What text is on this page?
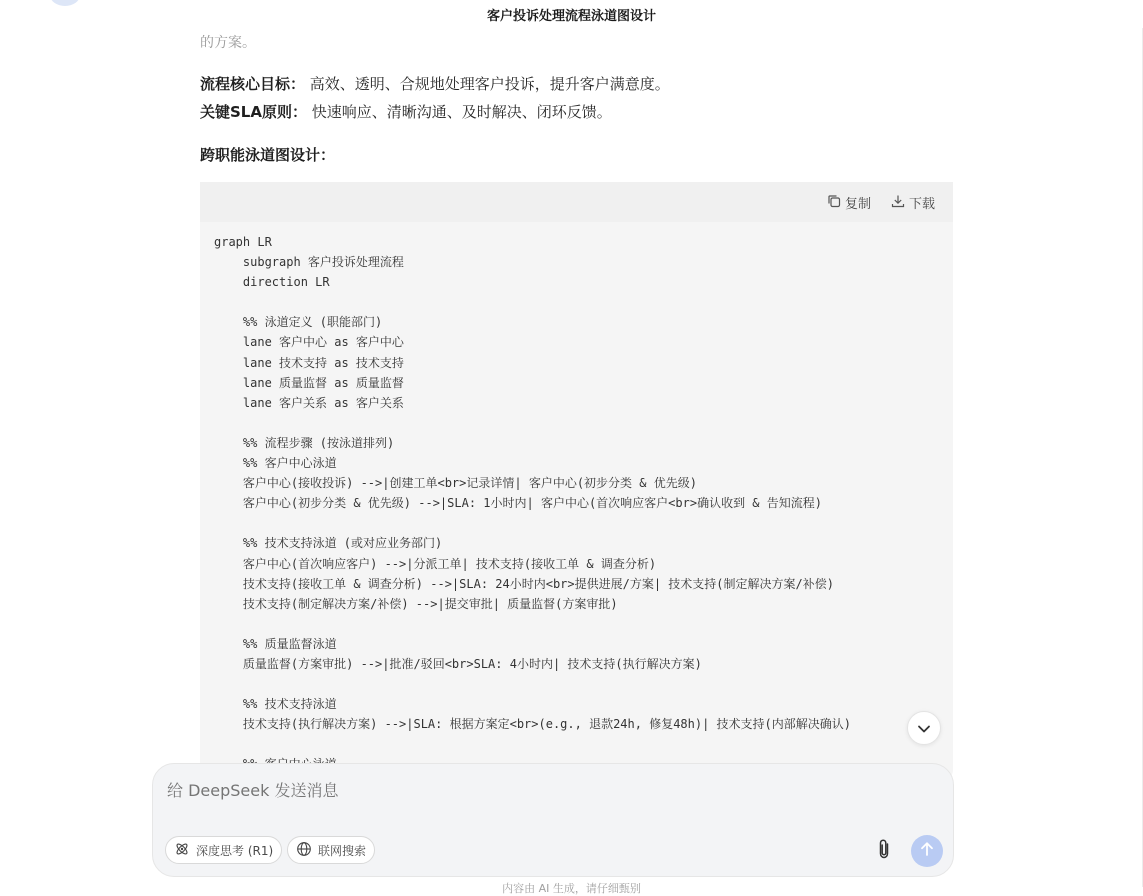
客户投诉处理流程泳道图设计
的方案。
流程核心目标： 高效、透明、合规地处理客户投诉，提升客户满意度。
关键SLA原则： 快速响应、清晰沟通、及时解决、闭环反馈。
跨职能泳道图设计：
复制	下载
graph LR
subgraph 客户投诉处理流程
direction LR
%% 泳道定义 (职能部门)
lane 客户中心 as 客户中心
lane 技术支持 as 技术支持
lane 质量监督 as 质量监督
lane 客户关系 as 客户关系
%% 流程步骤 (按泳道排列)
%% 客户中心泳道
客户中心(接收投诉) -->|创建工单<br>记录详情| 客户中心(初步分类 & 优先级)
客户中心(初步分类 & 优先级) -->|SLA: 1小时内| 客户中心(首次响应客户<br>确认收到 & 告知流程)
%% 技术支持泳道 (或对应业务部门)
客户中心(首次响应客户) -->|分派工单| 技术支持(接收工单 & 调查分析)
技术支持(接收工单 & 调查分析) -->|SLA: 24小时内<br>提供进展/方案| 技术支持(制定解决方案/补偿)
技术支持(制定解决方案/补偿) -->|提交审批| 质量监督(方案审批)
%% 质量监督泳道
质量监督(方案审批) -->|批准/驳回<br>SLA: 4小时内| 技术支持(执行解决方案)
%% 技术支持泳道
技术支持(执行解决方案) -->|SLA: 根据方案定<br>(e.g., 退款24h, 修复48h)| 技术支持(内部解决确认)
给 DeepSeek 发送消息
深度思考 (R1)	联网搜索
内容由 AI 生成，请仔细甄别
